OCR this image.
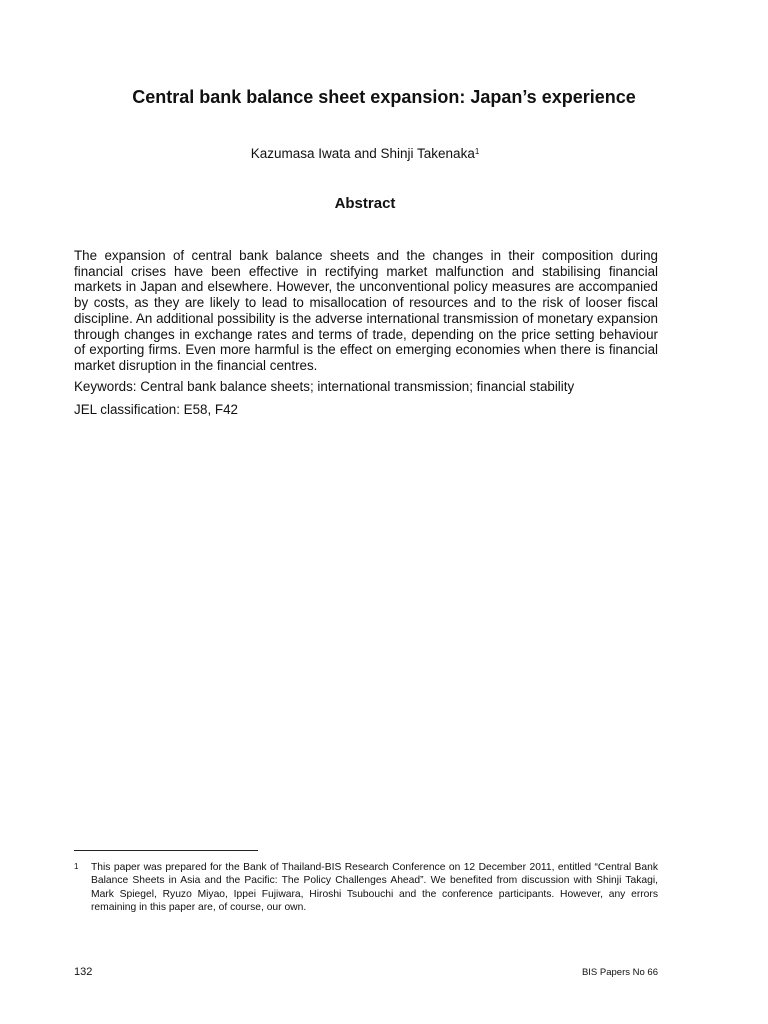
Central bank balance sheet expansion: Japan’s experience

Kazumasa Iwata and Shinji Takenaka$^1$

Abstract

The expansion of central bank balance sheets and the changes in their composition during financial crises have been effective in rectifying market malfunction and stabilising financial markets in Japan and elsewhere. However, the unconventional policy measures are accompanied by costs, as they are likely to lead to misallocation of resources and to the risk of looser fiscal discipline. An additional possibility is the adverse international transmission of monetary expansion through changes in exchange rates and terms of trade, depending on the price setting behaviour of exporting firms. Even more harmful is the effect on emerging economies when there is financial market disruption in the financial centres.

Keywords: Central bank balance sheets; international transmission; financial stability

JEL classification: E58, F42

1 This paper was prepared for the Bank of Thailand-BIS Research Conference on 12 December 2011, entitled “Central Bank Balance Sheets in Asia and the Pacific: The Policy Challenges Ahead”. We benefited from discussion with Shinji Takagi, Mark Spiegel, Ryuzo Miyao, Ippei Fujiwara, Hiroshi Tsubouchi and the conference participants. However, any errors remaining in this paper are, of course, our own.
132	BIS Papers No 66
